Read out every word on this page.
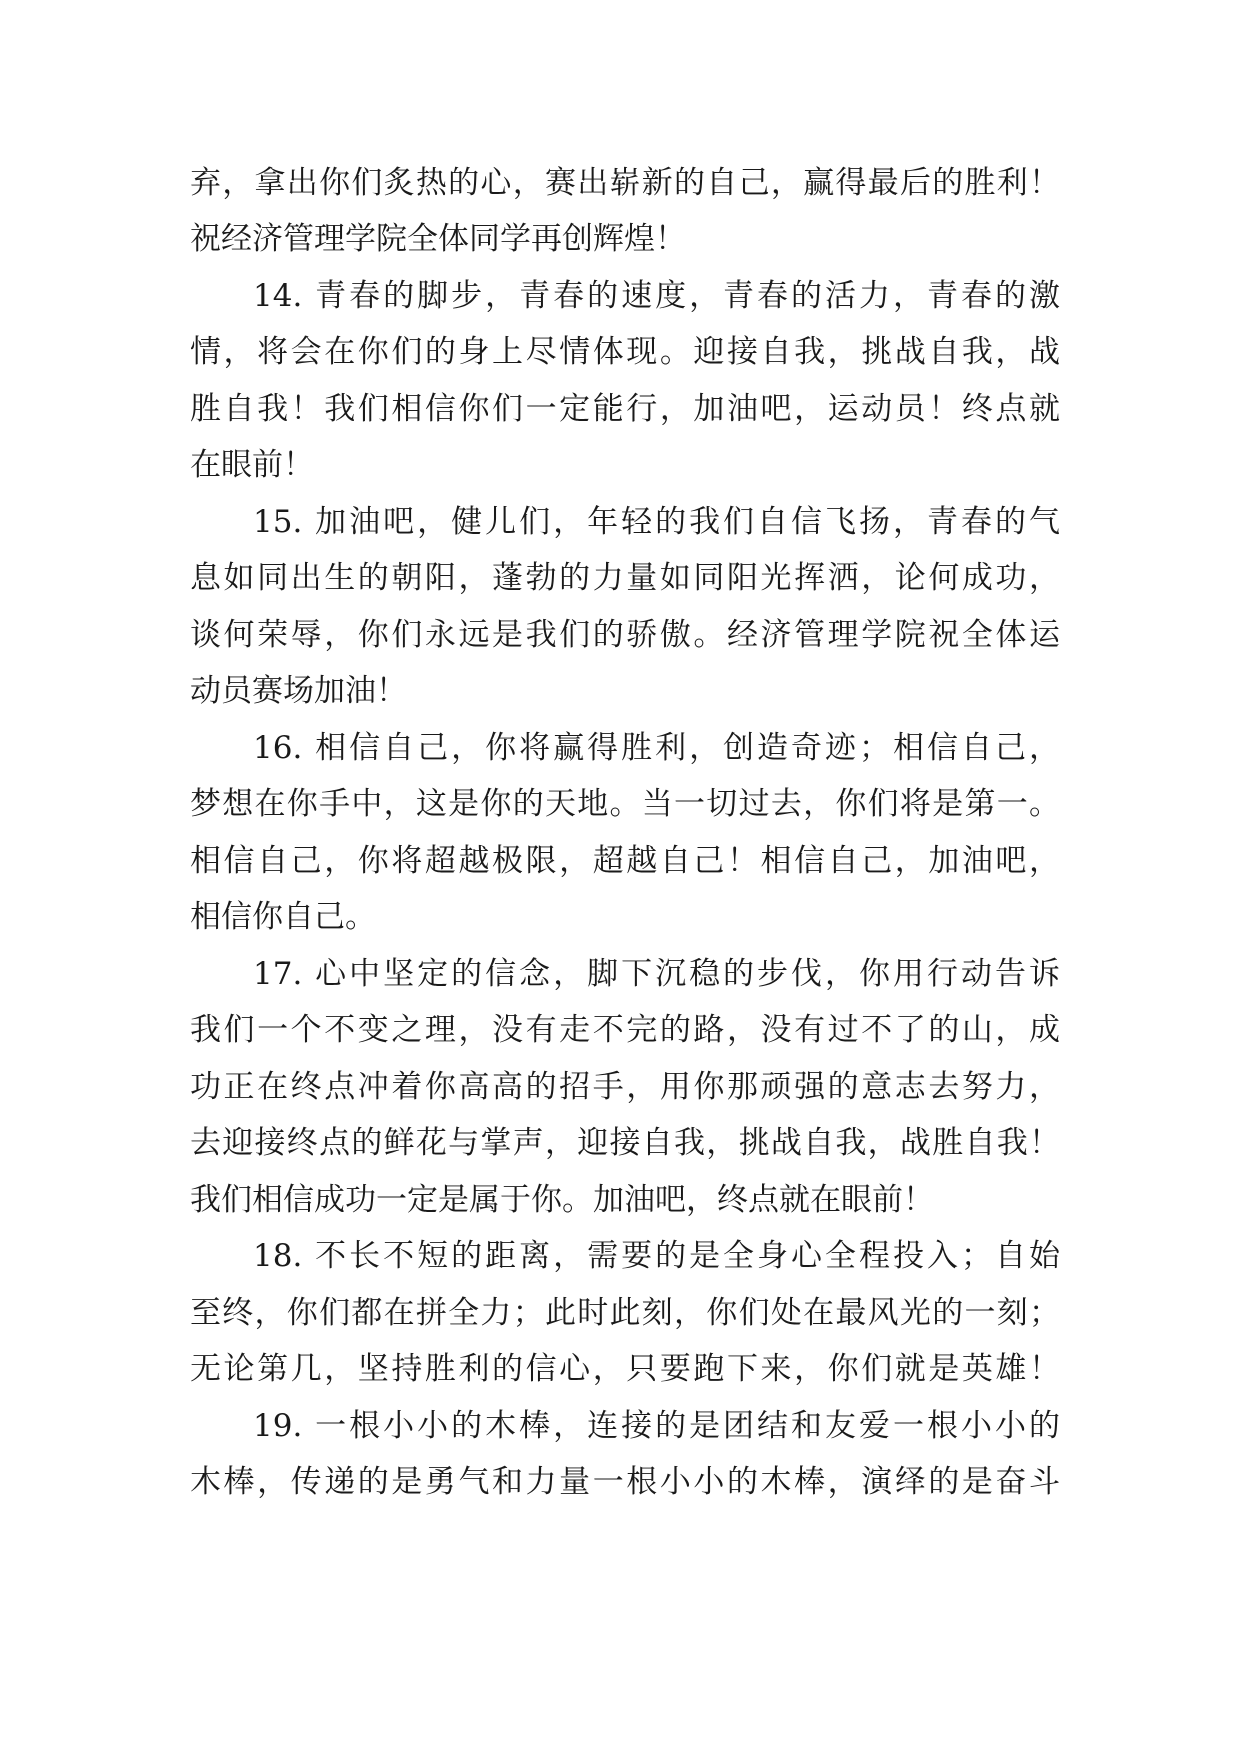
弃，拿出你们炙热的心，赛出崭新的自己，赢得最后的胜利！
祝经济管理学院全体同学再创辉煌！
14. 青春的脚步，青春的速度，青春的活力，青春的激
情，将会在你们的身上尽情体现。迎接自我，挑战自我，战
胜自我！我们相信你们一定能行，加油吧，运动员！终点就
在眼前！
15. 加油吧，健儿们，年轻的我们自信飞扬，青春的气
息如同出生的朝阳，蓬勃的力量如同阳光挥洒，论何成功，
谈何荣辱，你们永远是我们的骄傲。经济管理学院祝全体运
动员赛场加油！
16. 相信自己，你将赢得胜利，创造奇迹；相信自己，
梦想在你手中，这是你的天地。当一切过去，你们将是第一。
相信自己，你将超越极限，超越自己！相信自己，加油吧，
相信你自己。
17. 心中坚定的信念，脚下沉稳的步伐，你用行动告诉
我们一个不变之理，没有走不完的路，没有过不了的山，成
功正在终点冲着你高高的招手，用你那顽强的意志去努力，
去迎接终点的鲜花与掌声，迎接自我，挑战自我，战胜自我！
我们相信成功一定是属于你。加油吧，终点就在眼前！
18. 不长不短的距离，需要的是全身心全程投入；自始
至终，你们都在拼全力；此时此刻，你们处在最风光的一刻；
无论第几，坚持胜利的信心，只要跑下来，你们就是英雄！
19. 一根小小的木棒，连接的是团结和友爱一根小小的
木棒，传递的是勇气和力量一根小小的木棒，演绎的是奋斗
